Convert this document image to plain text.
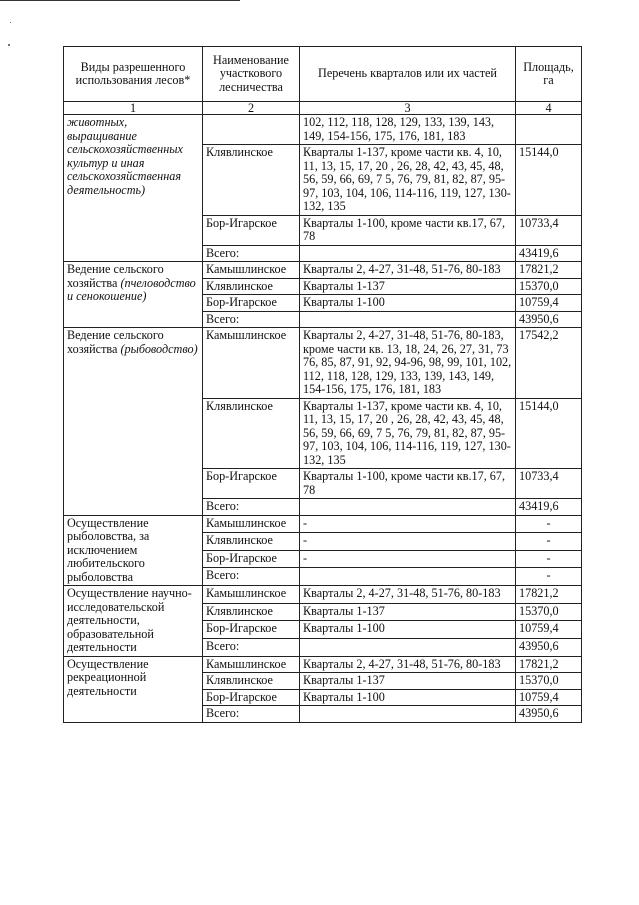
Виды разрешенного использования лесов*	Наименование участкового лесничества	Перечень кварталов или их частей	Площадь, га
1	2	3	4
животных, выращивание сельскохозяйственных культур и иная сельскохозяйственная деятельность)		102, 112, 118, 128, 129, 133, 139, 143, 149, 154-156, 175, 176, 181, 183	
	Клявлинское	Кварталы 1-137, кроме части кв. 4, 10, 11, 13, 15, 17, 20 , 26, 28, 42, 43, 45, 48, 56, 59, 66, 69, 7 5, 76, 79, 81, 82, 87, 95-97, 103, 104, 106, 114-116, 119, 127, 130-132, 135	15144,0
	Бор-Игарское	Кварталы 1-100, кроме части кв.17, 67, 78	10733,4
	Всего:		43419,6
Ведение сельского хозяйства (пчеловодство и сенокошение)	Камышлинское	Кварталы 2, 4-27, 31-48, 51-76, 80-183	17821,2
	Клявлинское	Кварталы 1-137	15370,0
	Бор-Игарское	Кварталы 1-100	10759,4
	Всего:		43950,6
Ведение сельского хозяйства (рыбоводство)	Камышлинское	Кварталы 2, 4-27, 31-48, 51-76, 80-183, кроме части кв. 13, 18, 24, 26, 27, 31, 73 76, 85, 87, 91, 92, 94-96, 98, 99, 101, 102, 112, 118, 128, 129, 133, 139, 143, 149, 154-156, 175, 176, 181, 183	17542,2
	Клявлинское	Кварталы 1-137, кроме части кв. 4, 10, 11, 13, 15, 17, 20 , 26, 28, 42, 43, 45, 48, 56, 59, 66, 69, 7 5, 76, 79, 81, 82, 87, 95-97, 103, 104, 106, 114-116, 119, 127, 130-132, 135	15144,0
	Бор-Игарское	Кварталы 1-100, кроме части кв.17, 67, 78	10733,4
	Всего:		43419,6
Осуществление рыболовства, за исключением любительского рыболовства	Камышлинское	-	-
	Клявлинское	-	-
	Бор-Игарское	-	-
	Всего:		-
Осуществление научно-исследовательской деятельности, образовательной деятельности	Камышлинское	Кварталы 2, 4-27, 31-48, 51-76, 80-183	17821,2
	Клявлинское	Кварталы 1-137	15370,0
	Бор-Игарское	Кварталы 1-100	10759,4
	Всего:		43950,6
Осуществление рекреационной деятельности	Камышлинское	Кварталы 2, 4-27, 31-48, 51-76, 80-183	17821,2
	Клявлинское	Кварталы 1-137	15370,0
	Бор-Игарское	Кварталы 1-100	10759,4
	Всего:		43950,6
